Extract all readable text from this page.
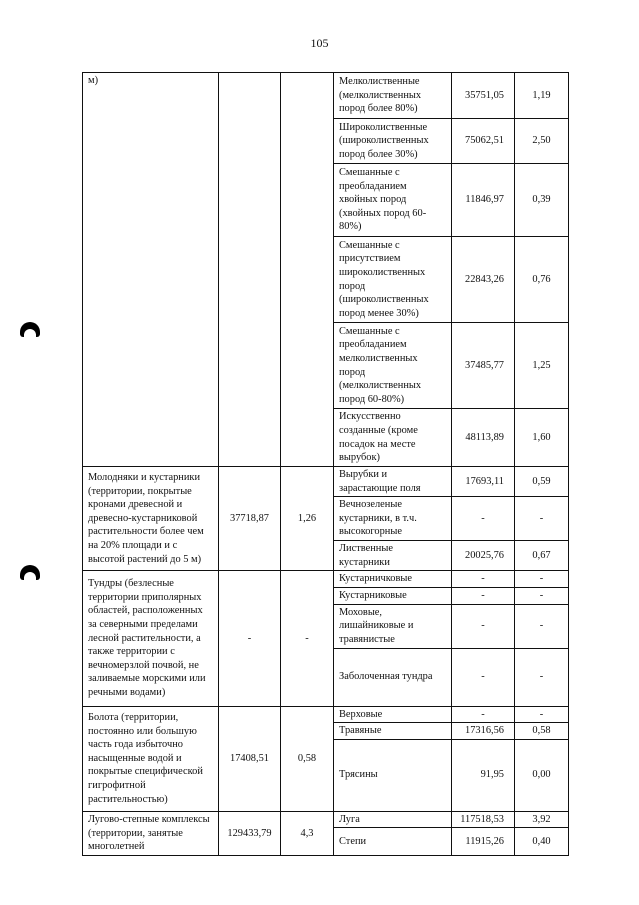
105
м)			Мелколиственные (мелколиственных пород более 80%)	35751,05	1,19
			Широколиственные (широколиственных пород более 30%)	75062,51	2,50
			Смешанные с преобладанием хвойных пород (хвойных пород 60-80%)	11846,97	0,39
			Смешанные с присутствием широколиственных пород (широколиственных пород менее 30%)	22843,26	0,76
			Смешанные с преобладанием мелколиственных пород (мелколиственных пород 60-80%)	37485,77	1,25
			Искусственно созданные (кроме посадок на месте вырубок)	48113,89	1,60
Молодняки и кустарники (территории, покрытые кронами древесной и древесно-кустарниковой растительности более чем на 20% площади и с высотой растений до 5 м)	37718,87	1,26	Вырубки и зарастающие поля	17693,11	0,59
			Вечнозеленые кустарники, в т.ч. высокогорные	-	-
			Лиственные кустарники	20025,76	0,67
Тундры (безлесные территории приполярных областей, расположенных за северными пределами лесной растительности, а также территории с вечномерзлой почвой, не заливаемые морскими или речными водами)	-	-	Кустарничковые	-	-
			Кустарниковые	-	-
			Моховые, лишайниковые и травянистые	-	-
			Заболоченная тундра	-	-
Болота (территории, постоянно или большую часть года избыточно насыщенные водой и покрытые специфической гигрофитной растительностью)	17408,51	0,58	Верховые	-	-
			Травяные	17316,56	0,58
			Трясины	91,95	0,00
Лугово-степные комплексы (территории, занятые многолетней	129433,79	4,3	Луга	117518,53	3,92
			Степи	11915,26	0,40
